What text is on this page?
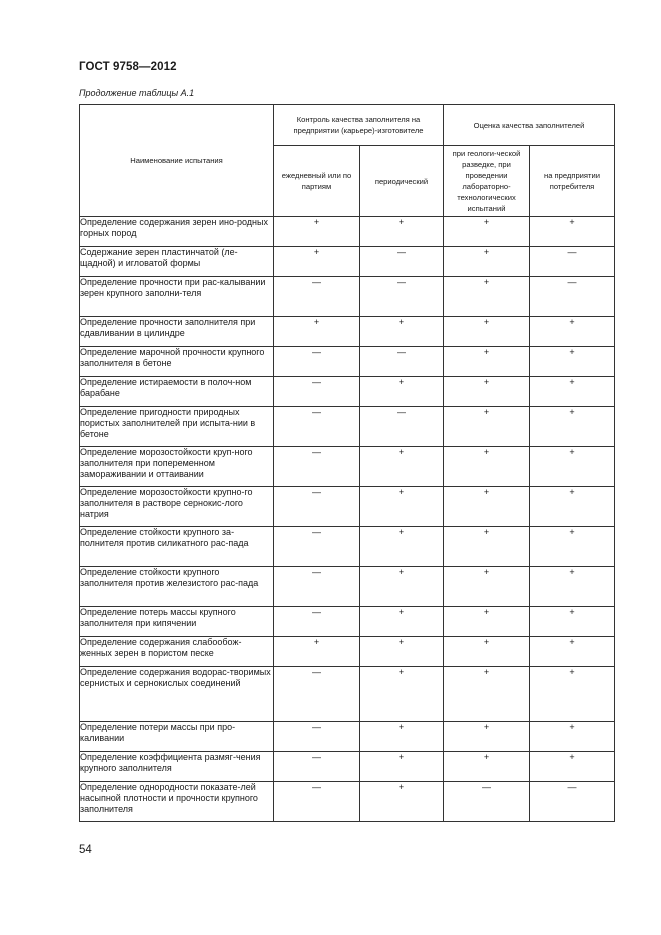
ГОСТ 9758—2012
Продолжение таблицы А.1
Наименование испытания	Контроль качества заполнителя на предприятии (карьере)-изготовителе		Оценка качества заполнителей	
	ежедневный или по партиям	периодический	при геологи-ческой разведке, при проведении лабораторно-технологических испытаний	на предприятии потребителя
Определение содержания зерен ино-родных горных пород	+	+	+	+
Содержание зерен пластинчатой (ле-щадной) и игловатой формы	+	—	+	—
Определение прочности при рас-калывании зерен крупного заполни-теля	—	—	+	—
Определение прочности заполнителя при сдавливании в цилиндре	+	+	+	+
Определение марочной прочности крупного заполнителя в бетоне	—	—	+	+
Определение истираемости в полоч-ном барабане	—	+	+	+
Определение пригодности природных пористых заполнителей при испыта-нии в бетоне	—	—	+	+
Определение морозостойкости круп-ного заполнителя при попеременном замораживании и оттаивании	—	+	+	+
Определение морозостойкости крупно-го заполнителя в растворе сернокис-лого натрия	—	+	+	+
Определение стойкости крупного за-полнителя против силикатного рас-пада	—	+	+	+
Определение стойкости крупного заполнителя против железистого рас-пада	—	+	+	+
Определение потерь массы крупного заполнителя при кипячении	—	+	+	+
Определение содержания слабообож-женных зерен в пористом песке	+	+	+	+
Определение содержания водорас-творимых сернистых и сернокислых соединений	—	+	+	+
Определение потери массы при про-каливании	—	+	+	+
Определение коэффициента размяг-чения крупного заполнителя	—	+	+	+
Определение однородности показате-лей насыпной плотности и прочности крупного заполнителя	—	+	—	—
54
